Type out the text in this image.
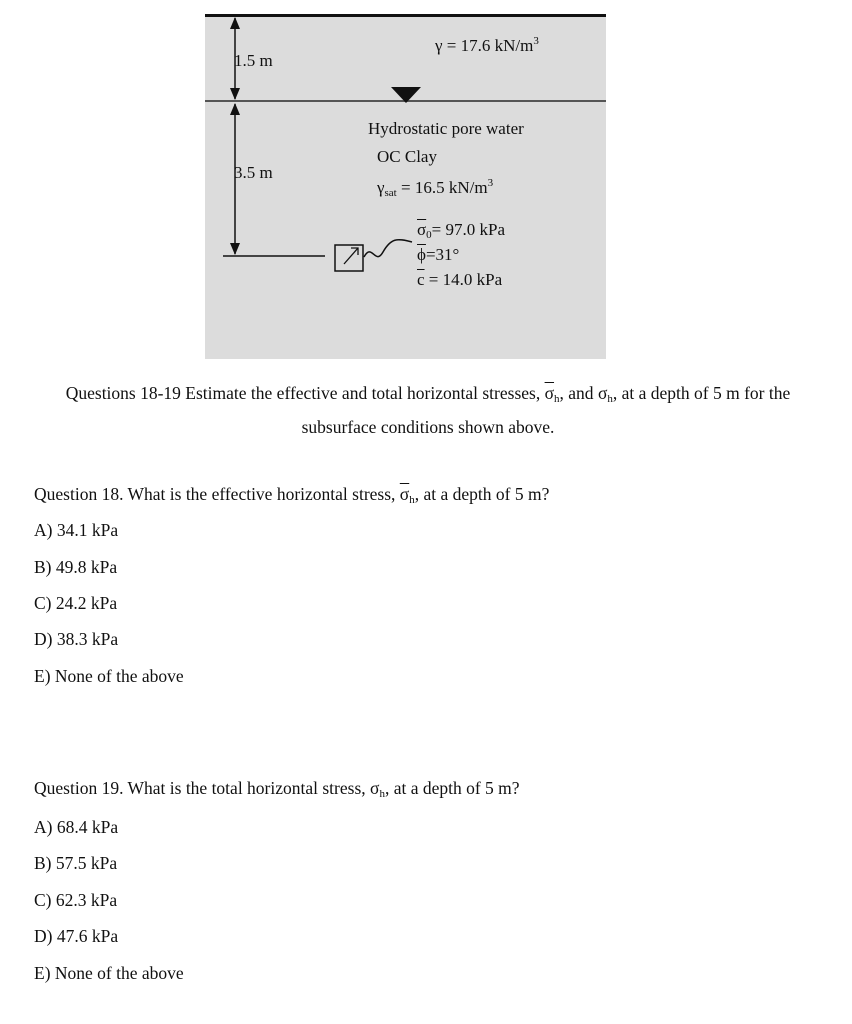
1.5 m
3.5 m
γ = 17.6 $kN/m^3$
Hydrostatic pore water
OC Clay
$\gamma_{sat} = 16.5$ $kN/m^3$
$\overline{\sigma}_0= 97.0$ kPa
$\overline{\phi}=31^\circ$
$\overline{c} = 14.0$ kPa
Questions 18-19 Estimate the effective and total horizontal stresses, $\overline{\sigma}_h$, and $\sigma_h$, at a depth of 5 m for the subsurface conditions shown above.
Question 18. What is the effective horizontal stress, $\overline{\sigma}_h$, at a depth of 5 m?
A) 34.1 kPa
B) 49.8 kPa
C) 24.2 kPa
D) 38.3 kPa
E) None of the above
Question 19. What is the total horizontal stress, $\sigma_h$, at a depth of 5 m?
A) 68.4 kPa
B) 57.5 kPa
C) 62.3 kPa
D) 47.6 kPa
E) None of the above
